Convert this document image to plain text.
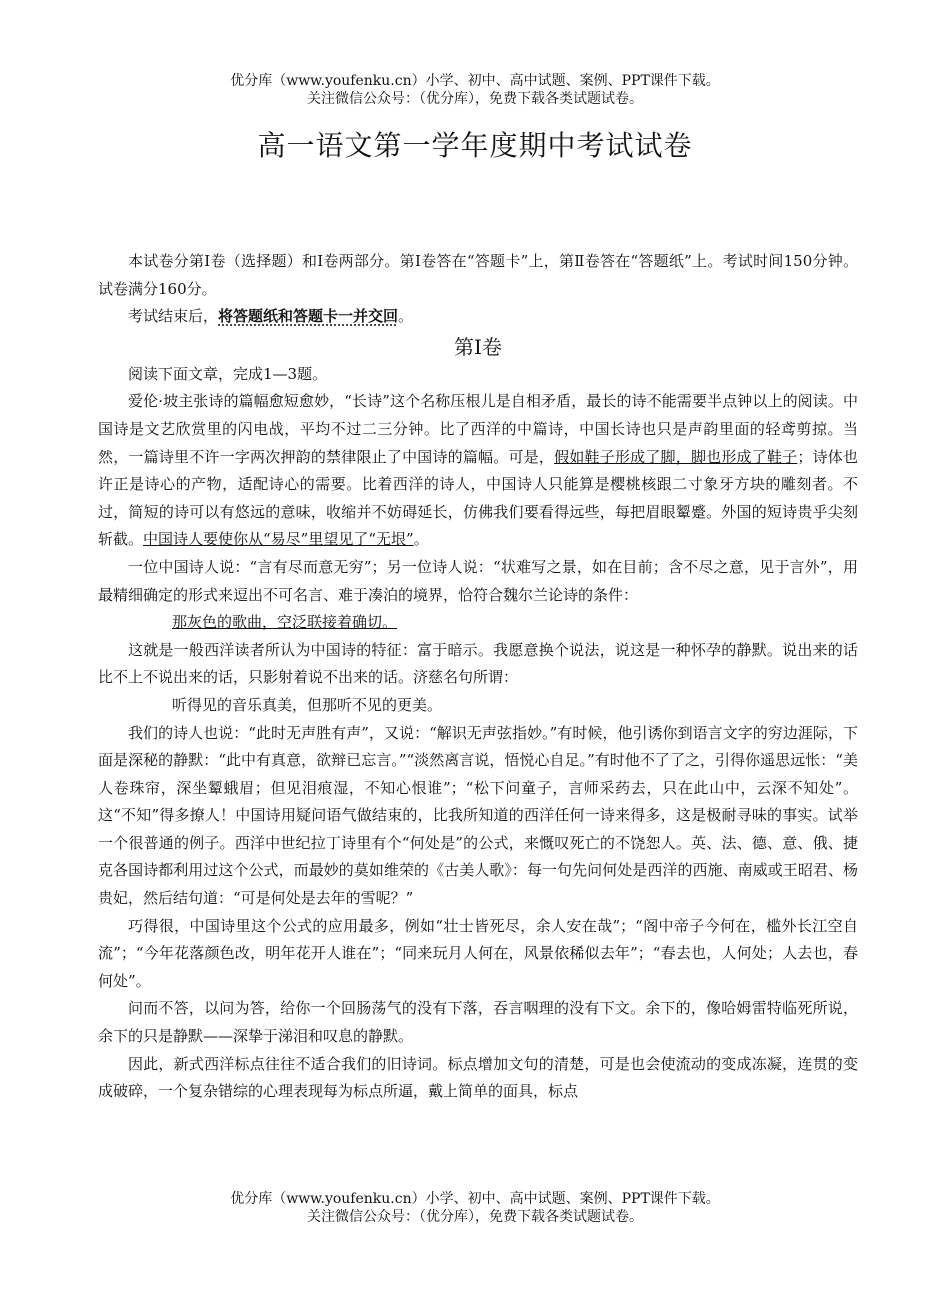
优分库（www.youfenku.cn）小学、初中、高中试题、案例、PPT课件下载。
关注微信公众号：（优分库），免费下载各类试题试卷。
高一语文第一学年度期中考试试卷

本试卷分第Ⅰ卷（选择题）和Ⅰ卷两部分。第Ⅰ卷答在“答题卡”上，第Ⅱ卷答在“答题纸”上。考试时间150分钟。试卷满分160分。

考试结束后，将答题纸和答题卡一并交回。

第Ⅰ卷

阅读下面文章，完成1—3题。

爱伦·坡主张诗的篇幅愈短愈妙，“长诗”这个名称压根儿是自相矛盾，最长的诗不能需要半点钟以上的阅读。中国诗是文艺欣赏里的闪电战，平均不过二三分钟。比了西洋的中篇诗，中国长诗也只是声韵里面的轻鸢剪掠。当然，一篇诗里不许一字两次押韵的禁律限止了中国诗的篇幅。可是，假如鞋子形成了脚，脚也形成了鞋子；诗体也许正是诗心的产物，适配诗心的需要。比着西洋的诗人，中国诗人只能算是樱桃核跟二寸象牙方块的雕刻者。不过，简短的诗可以有悠远的意味，收缩并不妨碍延长，仿佛我们要看得远些，每把眉眼颦蹙。外国的短诗贵乎尖刻斩截。中国诗人要使你从“易尽”里望见了“无垠”。

一位中国诗人说：“言有尽而意无穷”；另一位诗人说：“状难写之景，如在目前；含不尽之意，见于言外”，用最精细确定的形式来逗出不可名言、难于凑泊的境界，恰符合魏尔兰论诗的条件：

那灰色的歌曲，空泛联接着确切。

这就是一般西洋读者所认为中国诗的特征：富于暗示。我愿意换个说法，说这是一种怀孕的静默。说出来的话比不上不说出来的话，只影射着说不出来的话。济慈名句所谓：

听得见的音乐真美，但那听不见的更美。

我们的诗人也说：“此时无声胜有声”，又说：“解识无声弦指妙。”有时候，他引诱你到语言文字的穷边涯际，下面是深秘的静默：“此中有真意，欲辩已忘言。”“淡然离言说，悟悦心自足。”有时他不了了之，引得你遥思远怅：“美人卷珠帘，深坐颦蛾眉；但见泪痕湿，不知心恨谁”；“松下问童子，言师采药去，只在此山中，云深不知处”。这“不知”得多撩人！中国诗用疑问语气做结束的，比我所知道的西洋任何一诗来得多，这是极耐寻味的事实。试举一个很普通的例子。西洋中世纪拉丁诗里有个“何处是”的公式，来慨叹死亡的不饶恕人。英、法、德、意、俄、捷克各国诗都利用过这个公式，而最妙的莫如维荣的《古美人歌》：每一句先问何处是西洋的西施、南威或王昭君、杨贵妃，然后结句道：“可是何处是去年的雪呢？”

巧得很，中国诗里这个公式的应用最多，例如“壮士皆死尽，余人安在哉”；“阁中帝子今何在，槛外长江空自流”；“今年花落颜色改，明年花开人谁在”；“同来玩月人何在，风景依稀似去年”；“春去也，人何处；人去也，春何处”。

问而不答，以问为答，给你一个回肠荡气的没有下落，吞言咽理的没有下文。余下的，像哈姆雷特临死所说，余下的只是静默——深挚于涕泪和叹息的静默。

因此，新式西洋标点往往不适合我们的旧诗词。标点增加文句的清楚，可是也会使流动的变成冻凝，连贯的变成破碎，一个复杂错综的心理表现每为标点所逼，戴上简单的面具，标点

优分库（www.youfenku.cn）小学、初中、高中试题、案例、PPT课件下载。
关注微信公众号：（优分库），免费下载各类试题试卷。
